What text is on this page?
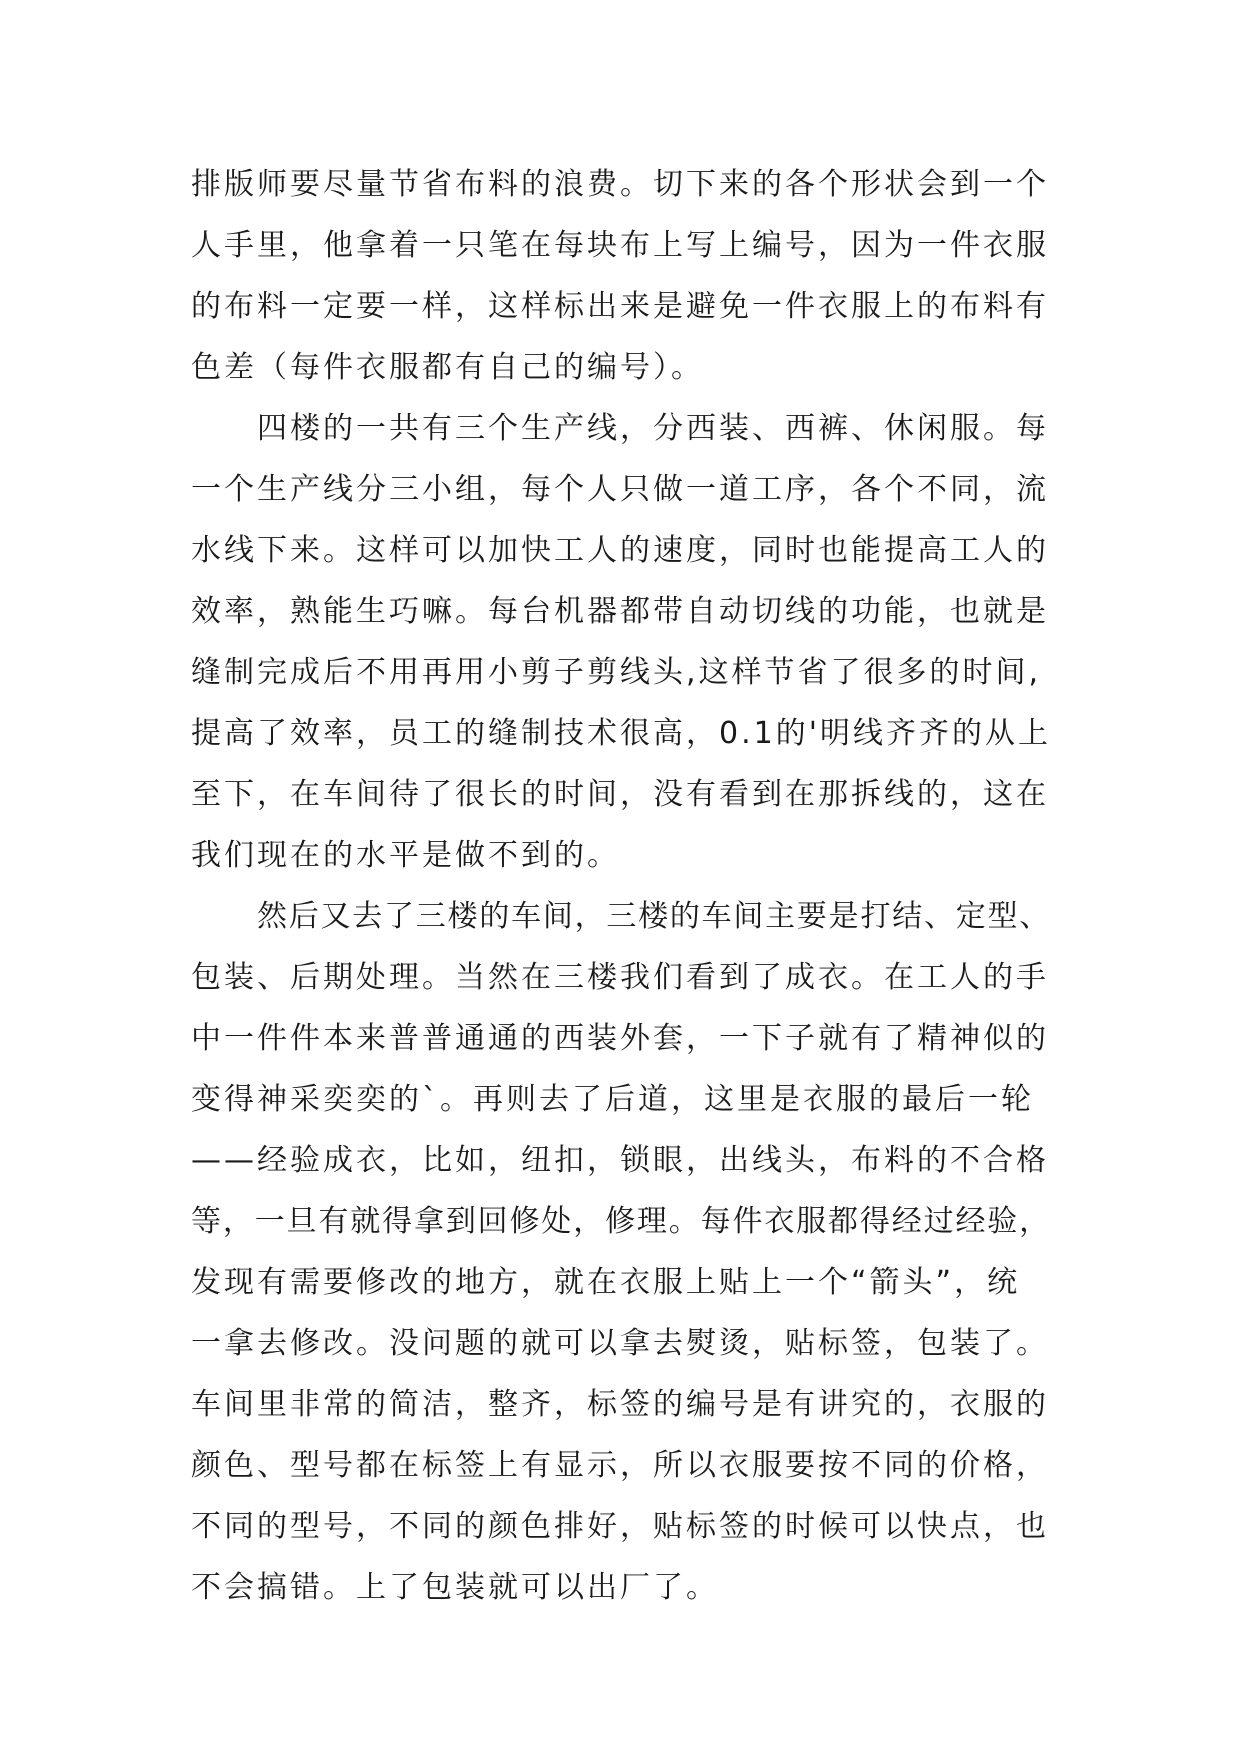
排版师要尽量节省布料的浪费。切下来的各个形状会到一个
人手里，他拿着一只笔在每块布上写上编号，因为一件衣服
的布料一定要一样，这样标出来是避免一件衣服上的布料有
色差（每件衣服都有自己的编号）。
四楼的一共有三个生产线，分西装、西裤、休闲服。每
一个生产线分三小组，每个人只做一道工序，各个不同，流
水线下来。这样可以加快工人的速度，同时也能提高工人的
效率，熟能生巧嘛。每台机器都带自动切线的功能，也就是
缝制完成后不用再用小剪子剪线头,这样节省了很多的时间,
提高了效率，员工的缝制技术很高，0.1的'明线齐齐的从上
至下，在车间待了很长的时间，没有看到在那拆线的，这在
我们现在的水平是做不到的。
然后又去了三楼的车间，三楼的车间主要是打结、定型、
包装、后期处理。当然在三楼我们看到了成衣。在工人的手
中一件件本来普普通通的西装外套，一下子就有了精神似的
变得神采奕奕的`。再则去了后道，这里是衣服的最后一轮
——经验成衣，比如，纽扣，锁眼，出线头，布料的不合格
等，一旦有就得拿到回修处，修理。每件衣服都得经过经验，
发现有需要修改的地方，就在衣服上贴上一个“箭头”，统
一拿去修改。没问题的就可以拿去熨烫，贴标签，包装了。
车间里非常的简洁，整齐，标签的编号是有讲究的，衣服的
颜色、型号都在标签上有显示，所以衣服要按不同的价格，
不同的型号，不同的颜色排好，贴标签的时候可以快点，也
不会搞错。上了包装就可以出厂了。
